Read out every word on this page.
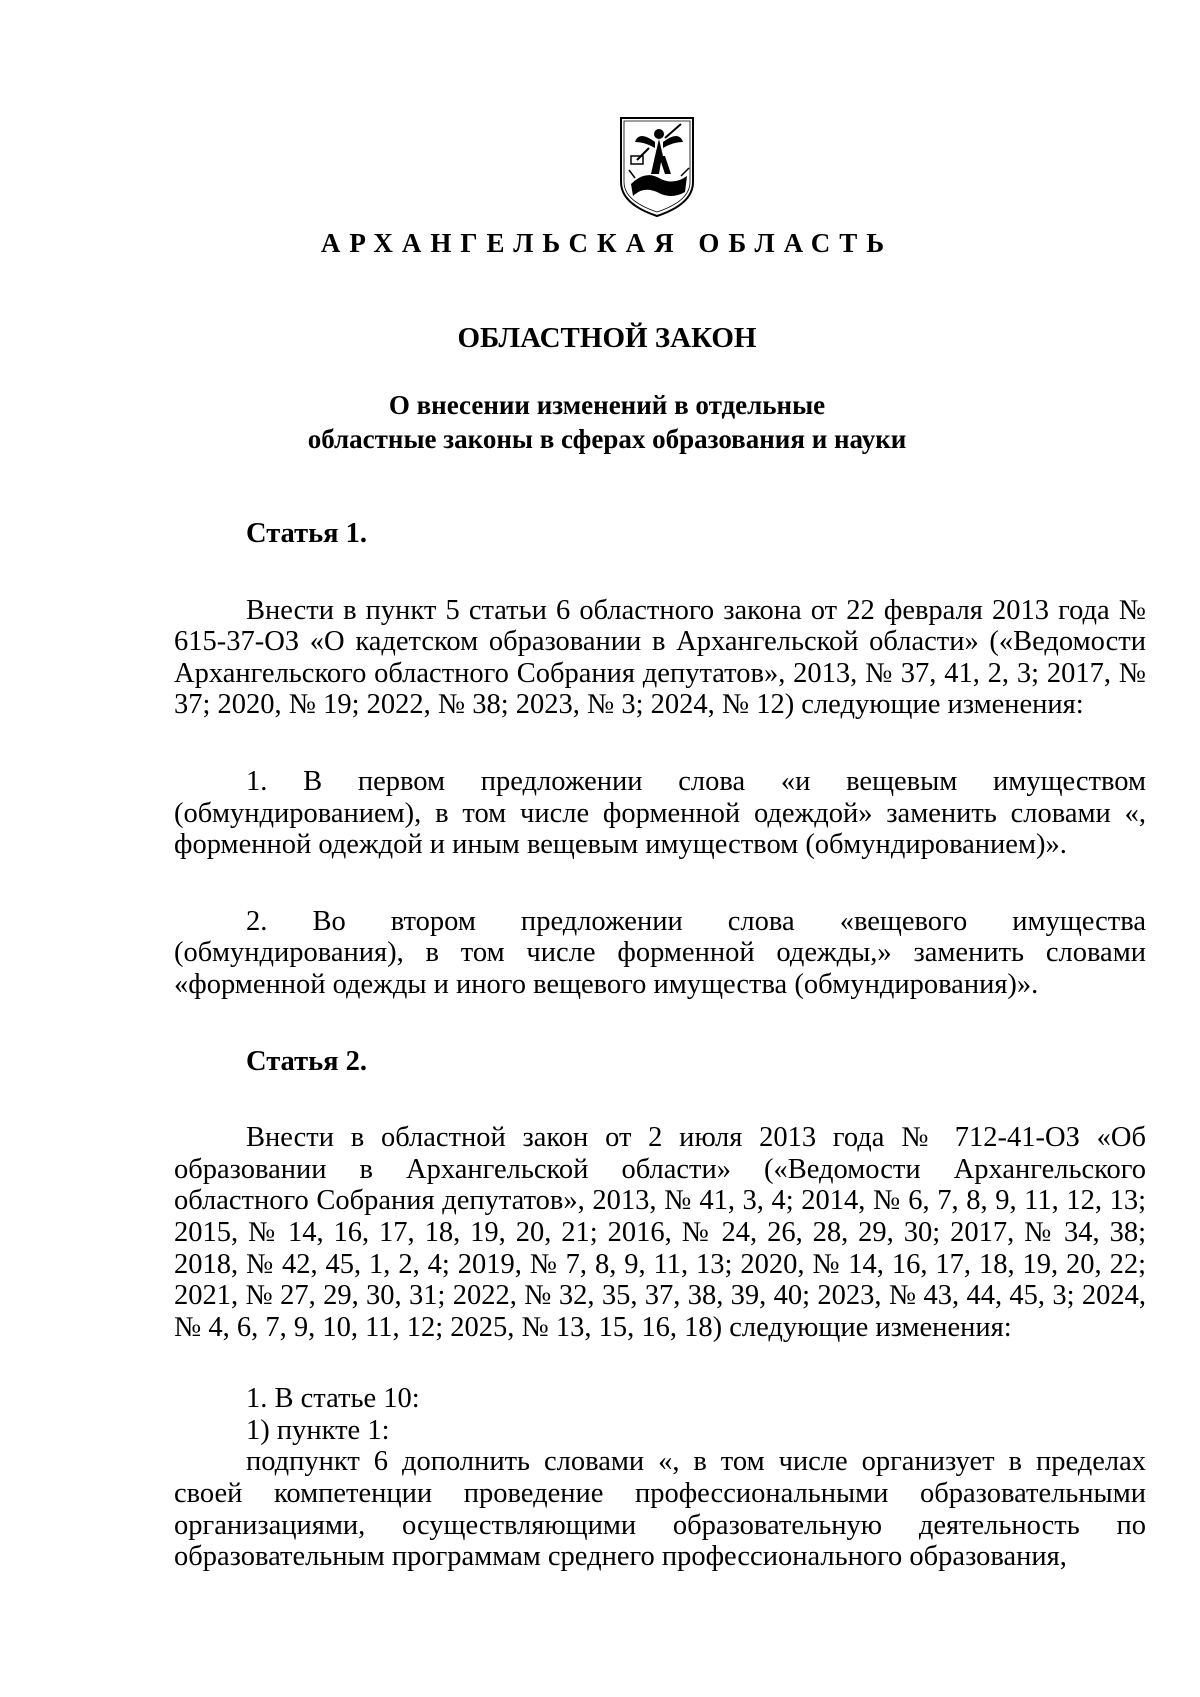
АРХАНГЕЛЬСКАЯ ОБЛАСТЬ
ОБЛАСТНОЙ ЗАКОН
О внесении изменений в отдельные
областные законы в сферах образования и науки

Статья 1.

Внести в пункт 5 статьи 6 областного закона от 22 февраля 2013 года № 615-37-ОЗ «О кадетском образовании в Архангельской области» («Ведомости Архангельского областного Собрания депутатов», 2013, № 37, 41, 2, 3; 2017, № 37; 2020, № 19; 2022, № 38; 2023, № 3; 2024, № 12) следующие изменения:

1. В первом предложении слова «и вещевым имуществом (обмундированием), в том числе форменной одеждой» заменить словами «, форменной одеждой и иным вещевым имуществом (обмундированием)».

2. Во втором предложении слова «вещевого имущества (обмундирования), в том числе форменной одежды,» заменить словами «форменной одежды и иного вещевого имущества (обмундирования)».

Статья 2.

Внести в областной закон от 2 июля 2013 года № 712-41-ОЗ «Об образовании в Архангельской области» («Ведомости Архангельского областного Собрания депутатов», 2013, № 41, 3, 4; 2014, № 6, 7, 8, 9, 11, 12, 13; 2015, № 14, 16, 17, 18, 19, 20, 21; 2016, № 24, 26, 28, 29, 30; 2017, № 34, 38; 2018, № 42, 45, 1, 2, 4; 2019, № 7, 8, 9, 11, 13; 2020, № 14, 16, 17, 18, 19, 20, 22; 2021, № 27, 29, 30, 31; 2022, № 32, 35, 37, 38, 39, 40; 2023, № 43, 44, 45, 3; 2024, № 4, 6, 7, 9, 10, 11, 12; 2025, № 13, 15, 16, 18) следующие изменения:

1. В статье 10:

1) пункте 1:

подпункт 6 дополнить словами «, в том числе организует в пределах своей компетенции проведение профессиональными образовательными организациями, осуществляющими образовательную деятельность по образовательным программам среднего профессионального образования,
